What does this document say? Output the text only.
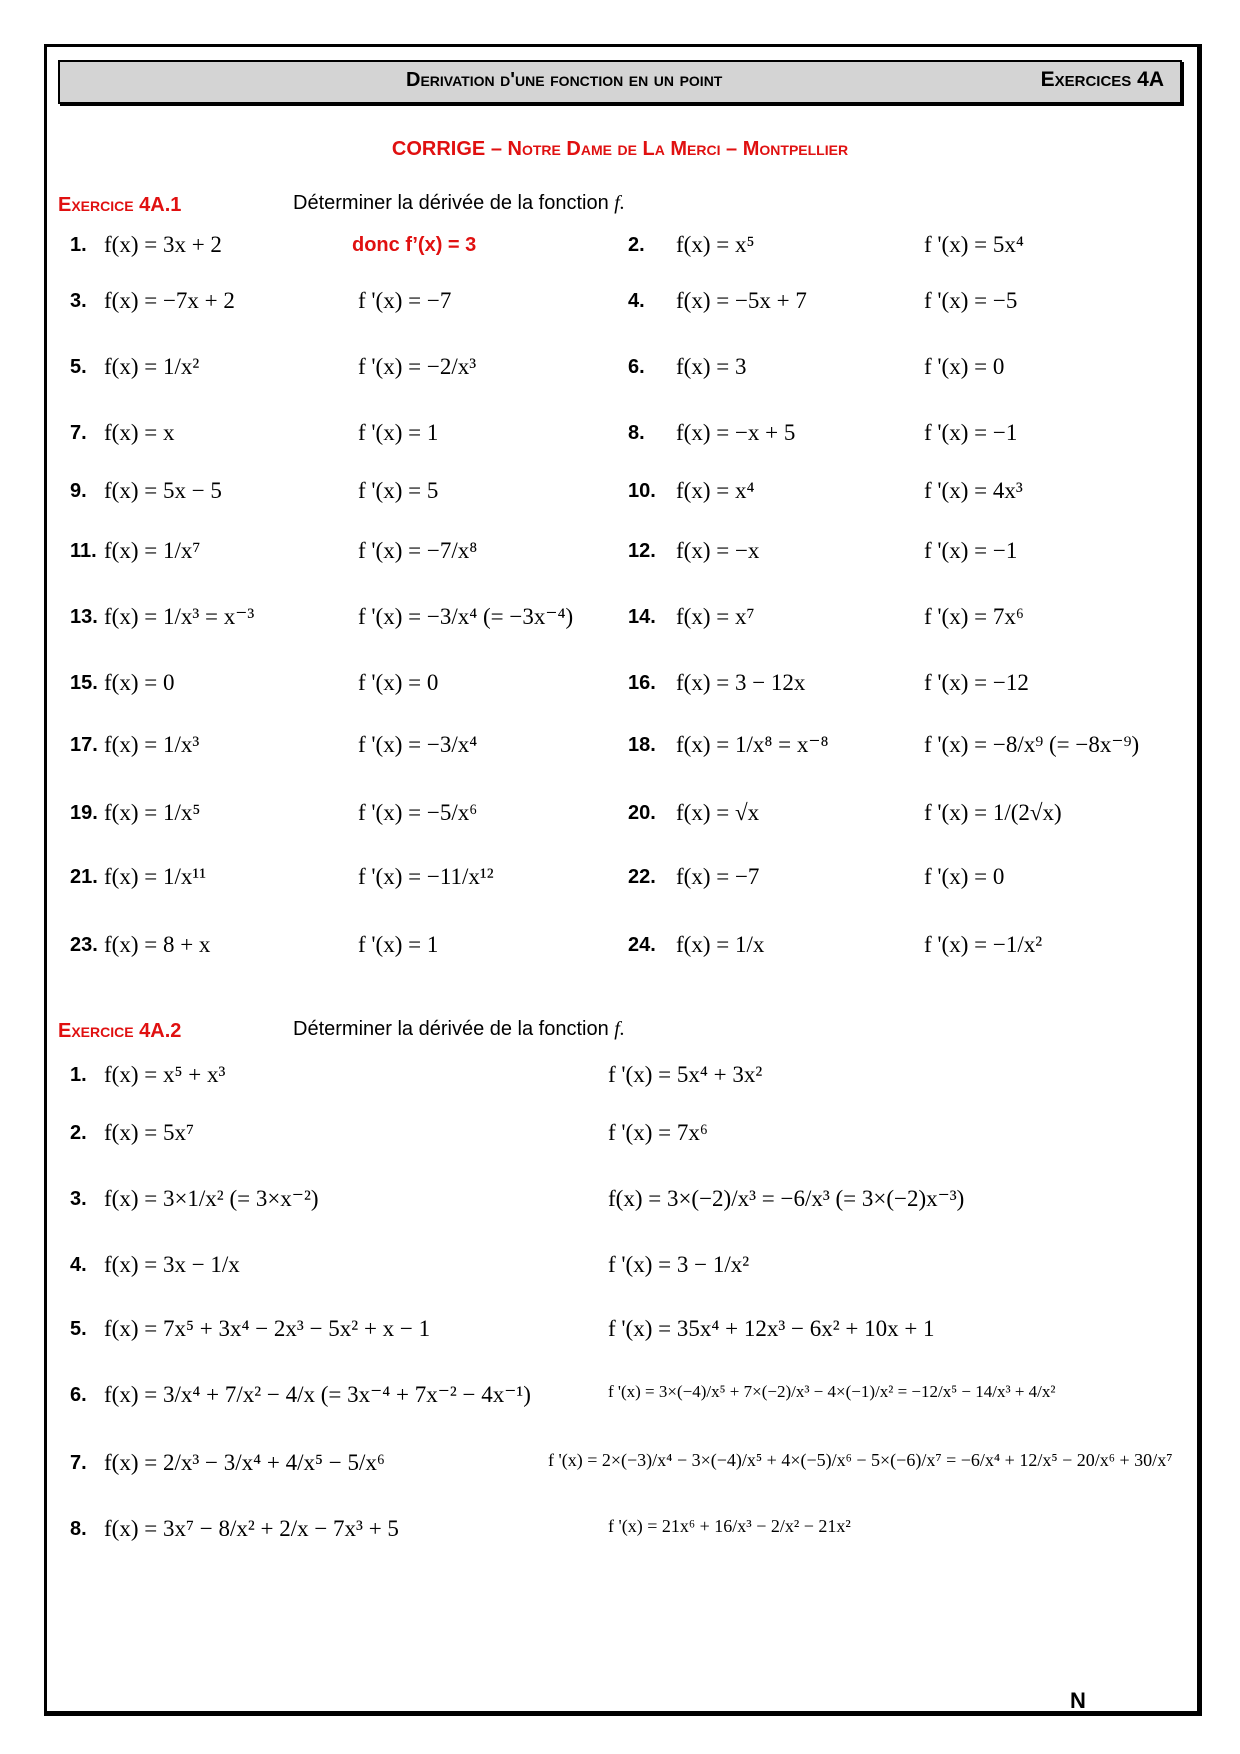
Derivation d'une fonction en un point	Exercices 4A
CORRIGE – Notre Dame de La Merci – Montpellier
Exercice 4A.1	Déterminer la dérivée de la fonction f.
1. f(x) = 3x + 2	donc f’(x) = 3	2. f(x) = x⁵	f '(x) = 5x⁴
3. f(x) = −7x + 2	f '(x) = −7	4. f(x) = −5x + 7	f '(x) = −5
5. f(x) = 1/x²	f '(x) = −2/x³	6. f(x) = 3	f '(x) = 0
7. f(x) = x	f '(x) = 1	8. f(x) = −x + 5	f '(x) = −1
9. f(x) = 5x − 5	f '(x) = 5	10. f(x) = x⁴	f '(x) = 4x³
11. f(x) = 1/x⁷	f '(x) = −7/x⁸	12. f(x) = −x	f '(x) = −1
13. f(x) = 1/x³ = x⁻³	f '(x) = −3/x⁴ (= −3x⁻⁴)	14. f(x) = x⁷	f '(x) = 7x⁶
15. f(x) = 0	f '(x) = 0	16. f(x) = 3 − 12x	f '(x) = −12
17. f(x) = 1/x³	f '(x) = −3/x⁴	18. f(x) = 1/x⁸ = x⁻⁸	f '(x) = −8/x⁹ (= −8x⁻⁹)
19. f(x) = 1/x⁵	f '(x) = −5/x⁶	20. f(x) = √x	f '(x) = 1/(2√x)
21. f(x) = 1/x¹¹	f '(x) = −11/x¹²	22. f(x) = −7	f '(x) = 0
23. f(x) = 8 + x	f '(x) = 1	24. f(x) = 1/x	f '(x) = −1/x²
Exercice 4A.2	Déterminer la dérivée de la fonction f.
1. f(x) = x⁵ + x³	f '(x) = 5x⁴ + 3x²
2. f(x) = 5x⁷	f '(x) = 7x⁶
3. f(x) = 3×1/x² (= 3×x⁻²)	f(x) = 3×(−2)/x³ = −6/x³ (= 3×(−2)x⁻³)
4. f(x) = 3x − 1/x	f '(x) = 3 − 1/x²
5. f(x) = 7x⁵ + 3x⁴ − 2x³ − 5x² + x − 1	f '(x) = 35x⁴ + 12x³ − 6x² + 10x + 1
6. f(x) = 3/x⁴ + 7/x² − 4/x (= 3x⁻⁴ + 7x⁻² − 4x⁻¹)	f '(x) = 3×(−4)/x⁵ + 7×(−2)/x³ − 4×(−1)/x² = −12/x⁵ − 14/x³ + 4/x²
7. f(x) = 2/x³ − 3/x⁴ + 4/x⁵ − 5/x⁶	f '(x) = 2×(−3)/x⁴ − 3×(−4)/x⁵ + 4×(−5)/x⁶ − 5×(−6)/x⁷ = −6/x⁴ + 12/x⁵ − 20/x⁶ + 30/x⁷
8. f(x) = 3x⁷ − 8/x² + 2/x − 7x³ + 5	f '(x) = 21x⁶ + 16/x³ − 2/x² − 21x²
N
